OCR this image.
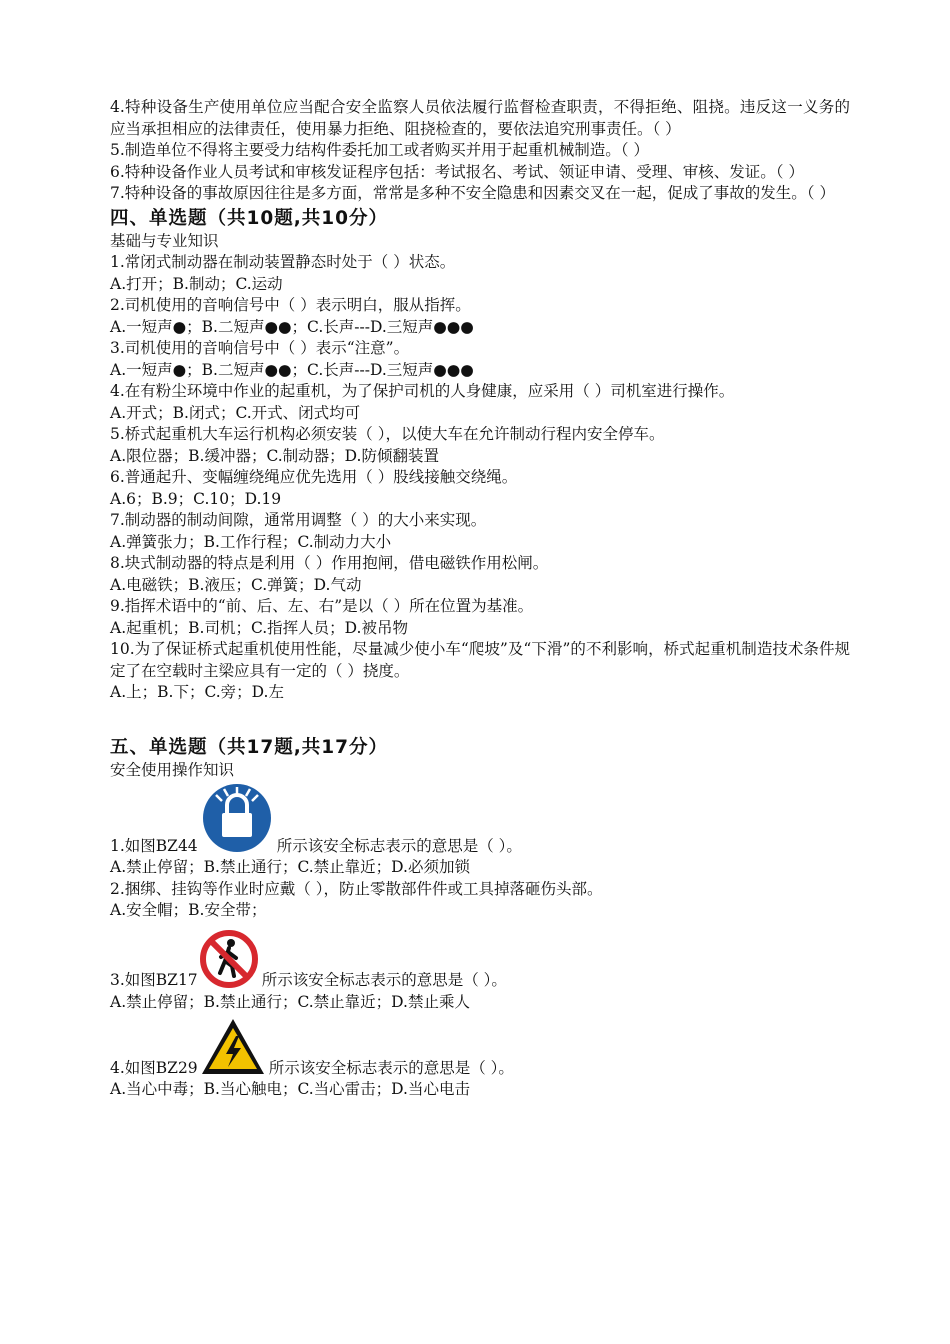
4.特种设备生产使用单位应当配合安全监察人员依法履行监督检查职责，不得拒绝、阻挠。违反这一义务的应当承担相应的法律责任，使用暴力拒绝、阻挠检查的，要依法追究刑事责任。（ ）
5.制造单位不得将主要受力结构件委托加工或者购买并用于起重机械制造。（ ）
6.特种设备作业人员考试和审核发证程序包括：考试报名、考试、领证申请、受理、审核、发证。（ ）
7.特种设备的事故原因往往是多方面，常常是多种不安全隐患和因素交叉在一起，促成了事故的发生。（ ）
四、单选题（共10题,共10分）
基础与专业知识
1.常闭式制动器在制动装置静态时处于（ ）状态。
A.打开；B.制动；C.运动
2.司机使用的音响信号中（ ）表示明白，服从指挥。
A.一短声●；B.二短声●●；C.长声---D.三短声●●●
3.司机使用的音响信号中（ ）表示“注意”。
A.一短声●；B.二短声●●；C.长声---D.三短声●●●
4.在有粉尘环境中作业的起重机，为了保护司机的人身健康，应采用（ ）司机室进行操作。
A.开式；B.闭式；C.开式、闭式均可
5.桥式起重机大车运行机构必须安装（ ），以使大车在允许制动行程内安全停车。
A.限位器；B.缓冲器；C.制动器；D.防倾翻装置
6.普通起升、变幅缠绕绳应优先选用（ ）股线接触交绕绳。
A.6；B.9；C.10；D.19
7.制动器的制动间隙，通常用调整（ ）的大小来实现。
A.弹簧张力；B.工作行程；C.制动力大小
8.块式制动器的特点是利用（ ）作用抱闸，借电磁铁作用松闸。
A.电磁铁；B.液压；C.弹簧；D.气动
9.指挥术语中的“前、后、左、右”是以（ ）所在位置为基准。
A.起重机；B.司机；C.指挥人员；D.被吊物
10.为了保证桥式起重机使用性能，尽量减少使小车“爬坡”及“下滑”的不利影响，桥式起重机制造技术条件规定了在空载时主梁应具有一定的（ ）挠度。
A.上；B.下；C.旁；D.左
五、单选题（共17题,共17分）
安全使用操作知识
1.如图BZ44	所示该安全标志表示的意思是（ ）。
A.禁止停留；B.禁止通行；C.禁止靠近；D.必须加锁
2.捆绑、挂钩等作业时应戴（ ），防止零散部件件或工具掉落砸伤头部。
A.安全帽；B.安全带；
3.如图BZ17	所示该安全标志表示的意思是（ ）。
A.禁止停留；B.禁止通行；C.禁止靠近；D.禁止乘人
4.如图BZ29	所示该安全标志表示的意思是（ ）。
A.当心中毒；B.当心触电；C.当心雷击；D.当心电击
